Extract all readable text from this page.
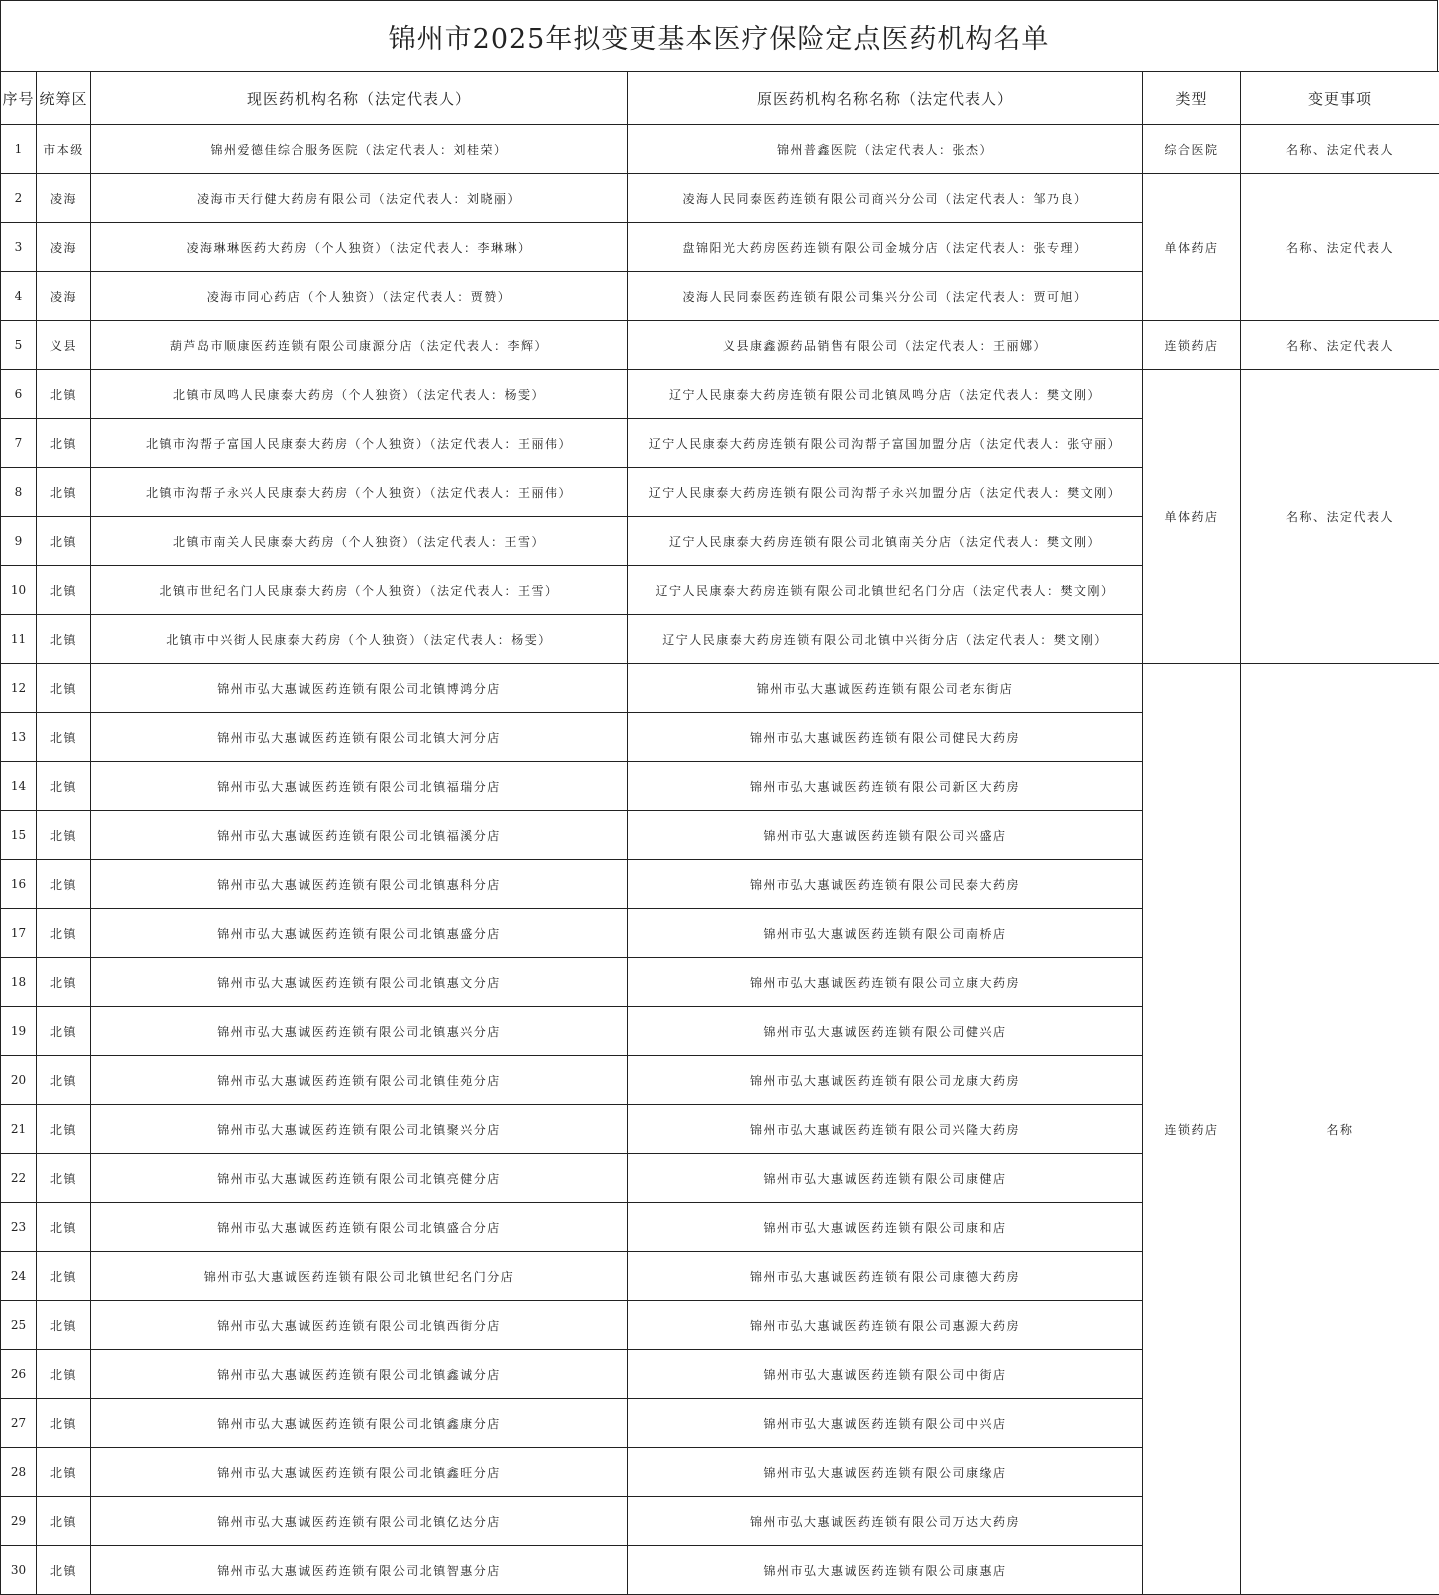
锦州市2025年拟变更基本医疗保险定点医药机构名单
序号	统筹区	现医药机构名称（法定代表人）	原医药机构名称名称（法定代表人）	类型	变更事项
1	市本级	锦州爱德佳综合服务医院（法定代表人：刘桂荣）	锦州普鑫医院（法定代表人：张杰）	综合医院	名称、法定代表人
2	凌海	凌海市天行健大药房有限公司（法定代表人：刘晓丽）	凌海人民同泰医药连锁有限公司商兴分公司（法定代表人：邹乃良）	单体药店	名称、法定代表人
3	凌海	凌海琳琳医药大药房（个人独资）（法定代表人：李琳琳）	盘锦阳光大药房医药连锁有限公司金城分店（法定代表人：张专理）		
4	凌海	凌海市同心药店（个人独资）（法定代表人：贾赞）	凌海人民同泰医药连锁有限公司集兴分公司（法定代表人：贾可旭）		
5	义县	葫芦岛市顺康医药连锁有限公司康源分店（法定代表人：李辉）	义县康鑫源药品销售有限公司（法定代表人：王丽娜）	连锁药店	名称、法定代表人
6	北镇	北镇市凤鸣人民康泰大药房（个人独资）（法定代表人：杨雯）	辽宁人民康泰大药房连锁有限公司北镇凤鸣分店（法定代表人：樊文刚）	单体药店	名称、法定代表人
7	北镇	北镇市沟帮子富国人民康泰大药房（个人独资）（法定代表人：王丽伟）	辽宁人民康泰大药房连锁有限公司沟帮子富国加盟分店（法定代表人：张守丽）		
8	北镇	北镇市沟帮子永兴人民康泰大药房（个人独资）（法定代表人：王丽伟）	辽宁人民康泰大药房连锁有限公司沟帮子永兴加盟分店（法定代表人：樊文刚）		
9	北镇	北镇市南关人民康泰大药房（个人独资）（法定代表人：王雪）	辽宁人民康泰大药房连锁有限公司北镇南关分店（法定代表人：樊文刚）		
10	北镇	北镇市世纪名门人民康泰大药房（个人独资）（法定代表人：王雪）	辽宁人民康泰大药房连锁有限公司北镇世纪名门分店（法定代表人：樊文刚）		
11	北镇	北镇市中兴街人民康泰大药房（个人独资）（法定代表人：杨雯）	辽宁人民康泰大药房连锁有限公司北镇中兴街分店（法定代表人：樊文刚）		
12	北镇	锦州市弘大惠诚医药连锁有限公司北镇博鸿分店	锦州市弘大惠诚医药连锁有限公司老东街店	连锁药店	名称
13	北镇	锦州市弘大惠诚医药连锁有限公司北镇大河分店	锦州市弘大惠诚医药连锁有限公司健民大药房		
14	北镇	锦州市弘大惠诚医药连锁有限公司北镇福瑞分店	锦州市弘大惠诚医药连锁有限公司新区大药房		
15	北镇	锦州市弘大惠诚医药连锁有限公司北镇福溪分店	锦州市弘大惠诚医药连锁有限公司兴盛店		
16	北镇	锦州市弘大惠诚医药连锁有限公司北镇惠科分店	锦州市弘大惠诚医药连锁有限公司民泰大药房		
17	北镇	锦州市弘大惠诚医药连锁有限公司北镇惠盛分店	锦州市弘大惠诚医药连锁有限公司南桥店		
18	北镇	锦州市弘大惠诚医药连锁有限公司北镇惠文分店	锦州市弘大惠诚医药连锁有限公司立康大药房		
19	北镇	锦州市弘大惠诚医药连锁有限公司北镇惠兴分店	锦州市弘大惠诚医药连锁有限公司健兴店		
20	北镇	锦州市弘大惠诚医药连锁有限公司北镇佳苑分店	锦州市弘大惠诚医药连锁有限公司龙康大药房		
21	北镇	锦州市弘大惠诚医药连锁有限公司北镇聚兴分店	锦州市弘大惠诚医药连锁有限公司兴隆大药房		
22	北镇	锦州市弘大惠诚医药连锁有限公司北镇亮健分店	锦州市弘大惠诚医药连锁有限公司康健店		
23	北镇	锦州市弘大惠诚医药连锁有限公司北镇盛合分店	锦州市弘大惠诚医药连锁有限公司康和店		
24	北镇	锦州市弘大惠诚医药连锁有限公司北镇世纪名门分店	锦州市弘大惠诚医药连锁有限公司康德大药房		
25	北镇	锦州市弘大惠诚医药连锁有限公司北镇西街分店	锦州市弘大惠诚医药连锁有限公司惠源大药房		
26	北镇	锦州市弘大惠诚医药连锁有限公司北镇鑫诚分店	锦州市弘大惠诚医药连锁有限公司中街店		
27	北镇	锦州市弘大惠诚医药连锁有限公司北镇鑫康分店	锦州市弘大惠诚医药连锁有限公司中兴店		
28	北镇	锦州市弘大惠诚医药连锁有限公司北镇鑫旺分店	锦州市弘大惠诚医药连锁有限公司康缘店		
29	北镇	锦州市弘大惠诚医药连锁有限公司北镇亿达分店	锦州市弘大惠诚医药连锁有限公司万达大药房		
30	北镇	锦州市弘大惠诚医药连锁有限公司北镇智惠分店	锦州市弘大惠诚医药连锁有限公司康惠店		
